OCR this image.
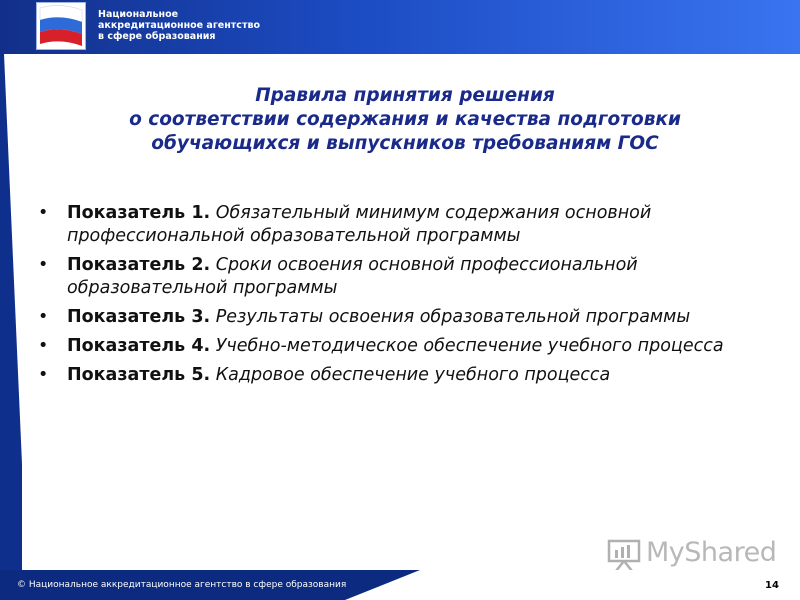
Национальное
аккредитационное агентство
в сфере образования
Правила принятия решения
о соответствии содержания и качества подготовки
обучающихся и выпускников требованиям ГОС
• Показатель 1. Обязательный минимум содержания основной профессиональной образовательной программы
• Показатель 2. Сроки освоения основной профессиональной образовательной программы
• Показатель 3. Результаты освоения образовательной программы
• Показатель 4. Учебно-методическое обеспечение учебного процесса
• Показатель 5. Кадровое обеспечение учебного процесса
MyShared
© Национальное аккредитационное агентство в сфере образования	14
